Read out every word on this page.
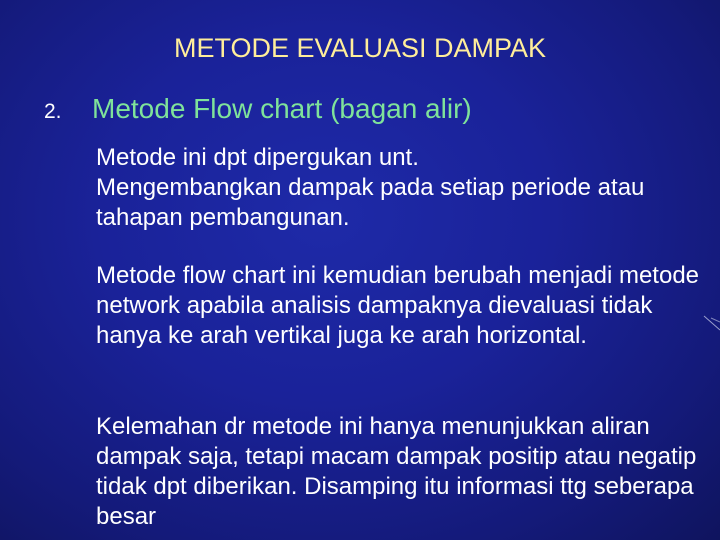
METODE EVALUASI DAMPAK
2. Metode Flow chart (bagan alir)

Metode ini dpt dipergukan unt.
Mengembangkan dampak pada setiap periode atau tahapan pembangunan.

Metode flow chart ini kemudian berubah menjadi metode network apabila analisis dampaknya dievaluasi tidak hanya ke arah vertikal juga ke arah horizontal.

Kelemahan dr metode ini hanya menunjukkan aliran dampak saja, tetapi macam dampak positip atau negatip tidak dpt diberikan. Disamping itu informasi ttg seberapa besar
